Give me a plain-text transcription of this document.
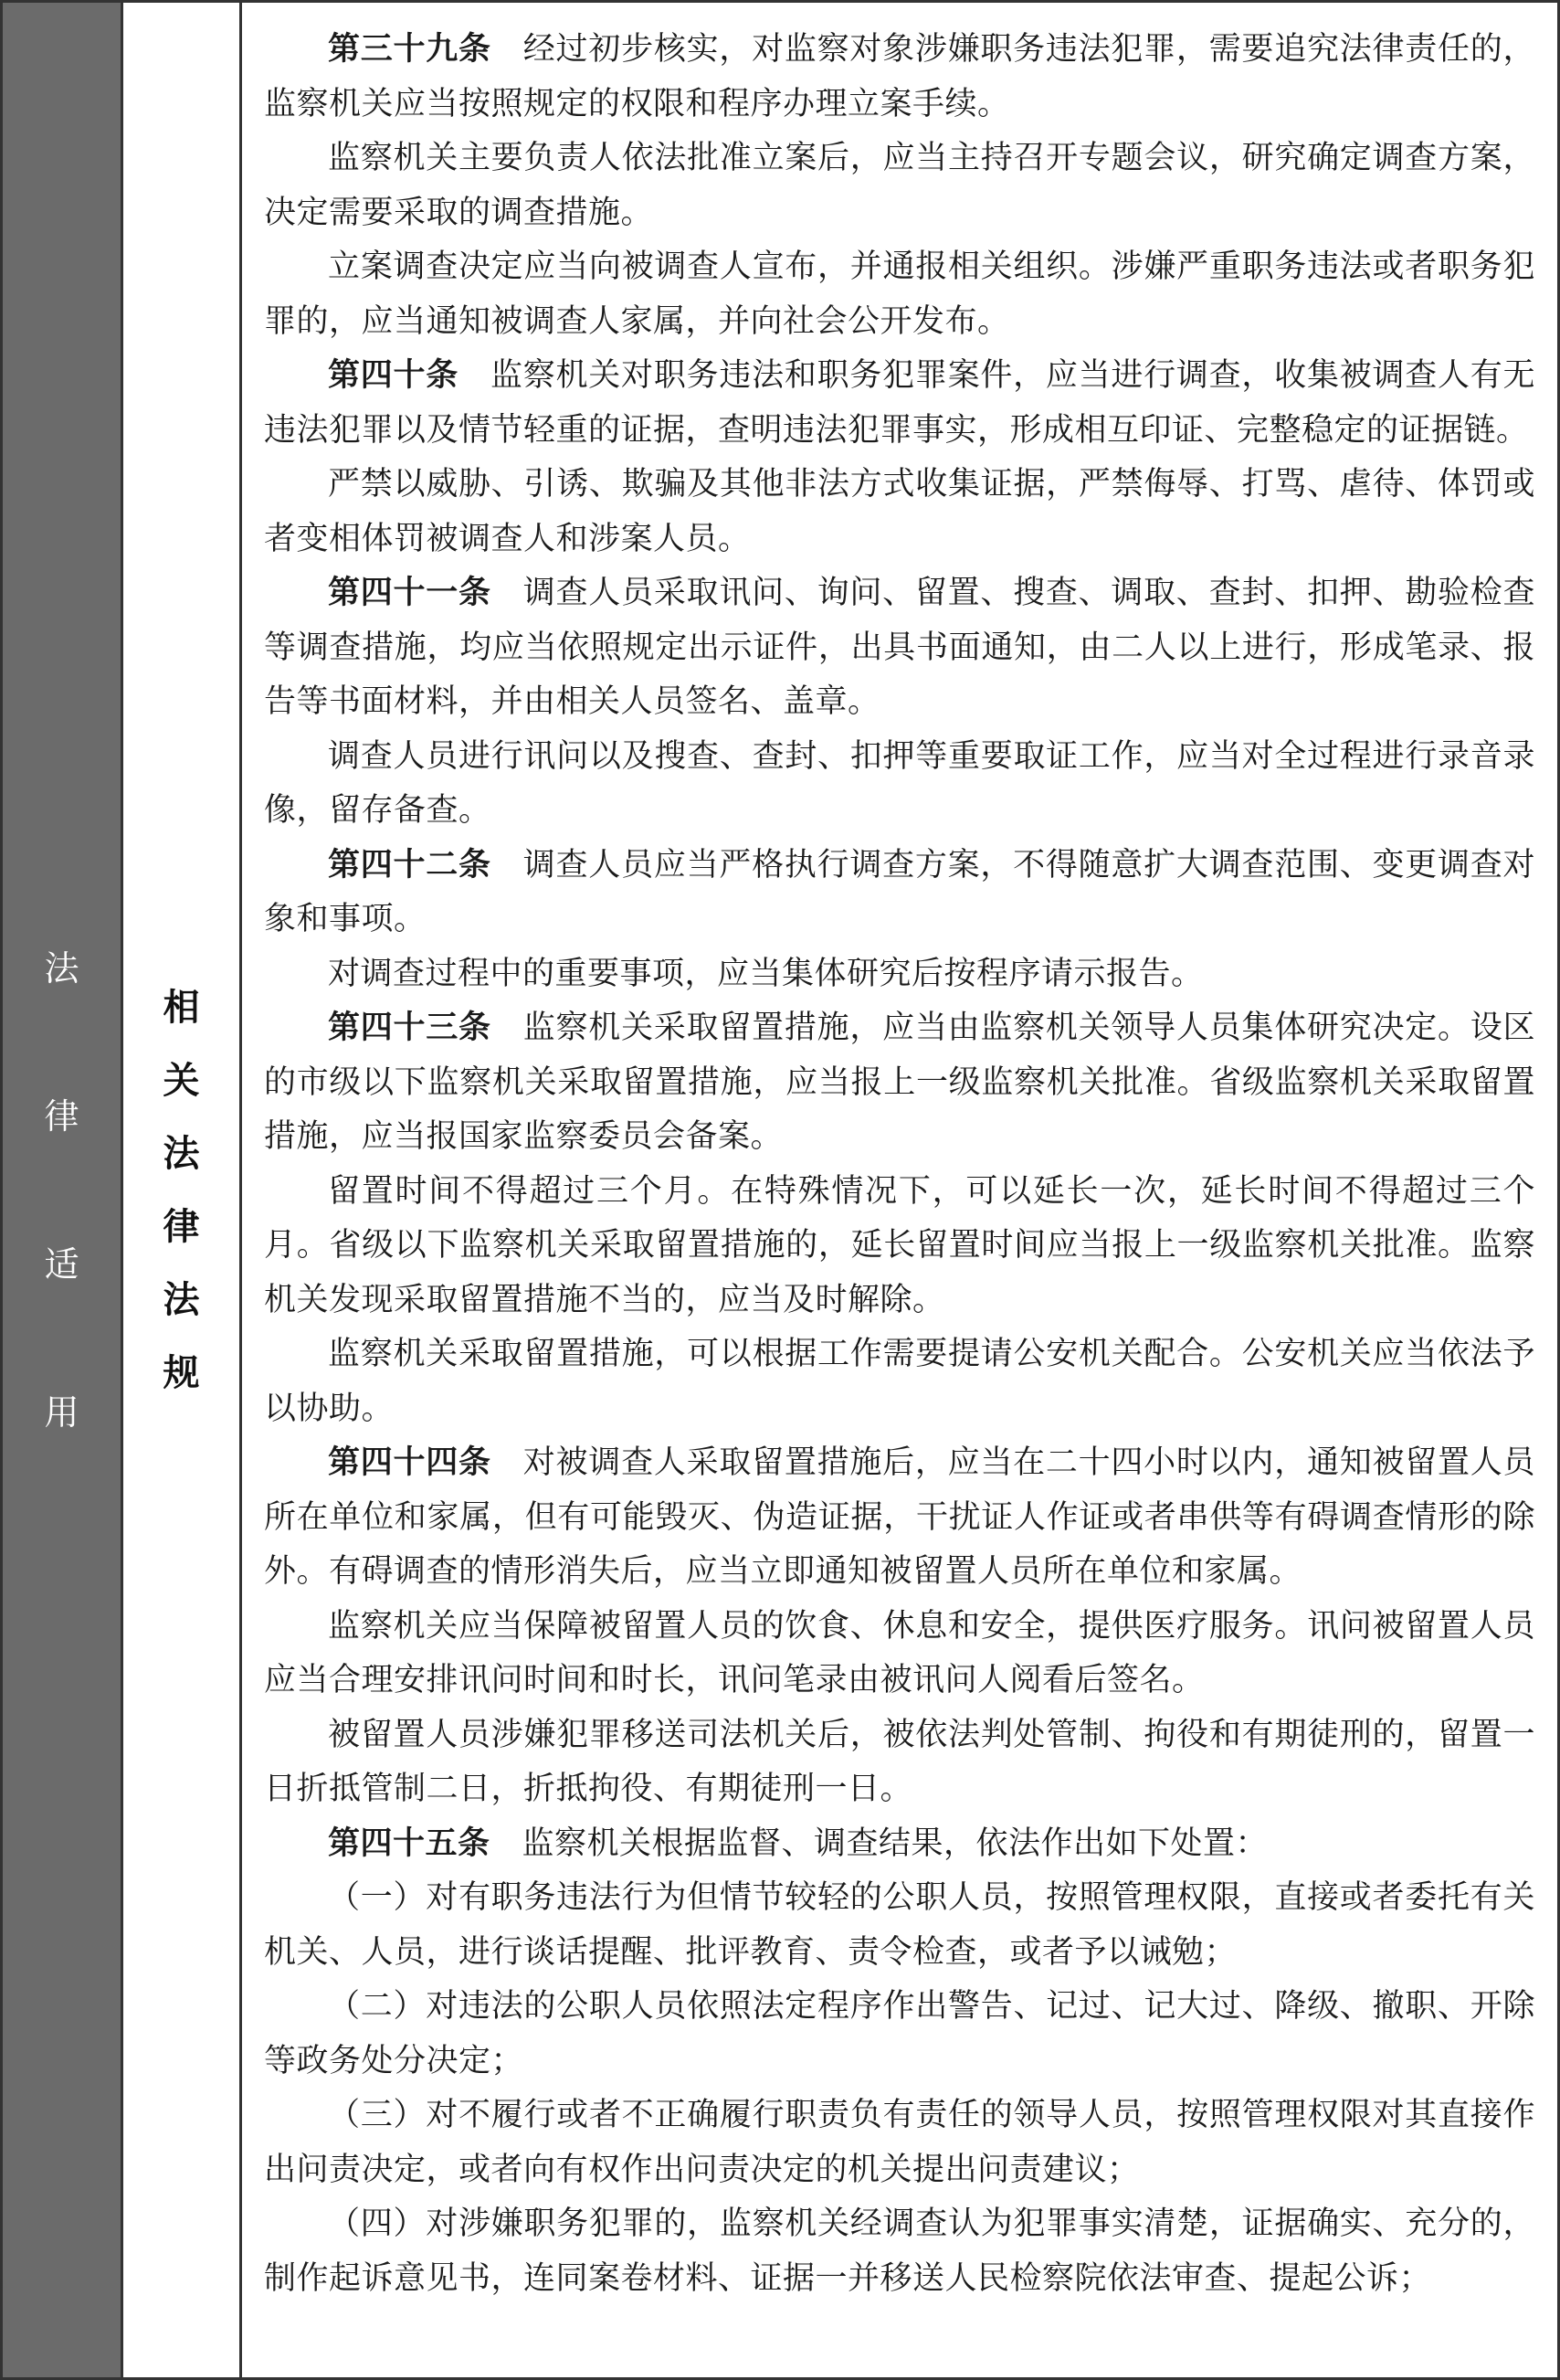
法
律
适
用
相
关
法
律
法
规

第三十九条 经过初步核实，对监察对象涉嫌职务违法犯罪，需要追究法律责任的，监察机关应当按照规定的权限和程序办理立案手续。

监察机关主要负责人依法批准立案后，应当主持召开专题会议，研究确定调查方案，决定需要采取的调查措施。

立案调查决定应当向被调查人宣布，并通报相关组织。涉嫌严重职务违法或者职务犯罪的，应当通知被调查人家属，并向社会公开发布。

第四十条 监察机关对职务违法和职务犯罪案件，应当进行调查，收集被调查人有无违法犯罪以及情节轻重的证据，查明违法犯罪事实，形成相互印证、完整稳定的证据链。

严禁以威胁、引诱、欺骗及其他非法方式收集证据，严禁侮辱、打骂、虐待、体罚或者变相体罚被调查人和涉案人员。

第四十一条 调查人员采取讯问、询问、留置、搜查、调取、查封、扣押、勘验检查等调查措施，均应当依照规定出示证件，出具书面通知，由二人以上进行，形成笔录、报告等书面材料，并由相关人员签名、盖章。

调查人员进行讯问以及搜查、查封、扣押等重要取证工作，应当对全过程进行录音录像，留存备查。

第四十二条 调查人员应当严格执行调查方案，不得随意扩大调查范围、变更调查对象和事项。

对调查过程中的重要事项，应当集体研究后按程序请示报告。

第四十三条 监察机关采取留置措施，应当由监察机关领导人员集体研究决定。设区的市级以下监察机关采取留置措施，应当报上一级监察机关批准。省级监察机关采取留置措施，应当报国家监察委员会备案。

留置时间不得超过三个月。在特殊情况下，可以延长一次，延长时间不得超过三个月。省级以下监察机关采取留置措施的，延长留置时间应当报上一级监察机关批准。监察机关发现采取留置措施不当的，应当及时解除。

监察机关采取留置措施，可以根据工作需要提请公安机关配合。公安机关应当依法予以协助。

第四十四条 对被调查人采取留置措施后，应当在二十四小时以内，通知被留置人员所在单位和家属，但有可能毁灭、伪造证据，干扰证人作证或者串供等有碍调查情形的除外。有碍调查的情形消失后，应当立即通知被留置人员所在单位和家属。

监察机关应当保障被留置人员的饮食、休息和安全，提供医疗服务。讯问被留置人员应当合理安排讯问时间和时长，讯问笔录由被讯问人阅看后签名。

被留置人员涉嫌犯罪移送司法机关后，被依法判处管制、拘役和有期徒刑的，留置一日折抵管制二日，折抵拘役、有期徒刑一日。

第四十五条 监察机关根据监督、调查结果，依法作出如下处置：

（一）对有职务违法行为但情节较轻的公职人员，按照管理权限，直接或者委托有关机关、人员，进行谈话提醒、批评教育、责令检查，或者予以诫勉；

（二）对违法的公职人员依照法定程序作出警告、记过、记大过、降级、撤职、开除等政务处分决定；

（三）对不履行或者不正确履行职责负有责任的领导人员，按照管理权限对其直接作出问责决定，或者向有权作出问责决定的机关提出问责建议；

（四）对涉嫌职务犯罪的，监察机关经调查认为犯罪事实清楚，证据确实、充分的，制作起诉意见书，连同案卷材料、证据一并移送人民检察院依法审查、提起公诉；
